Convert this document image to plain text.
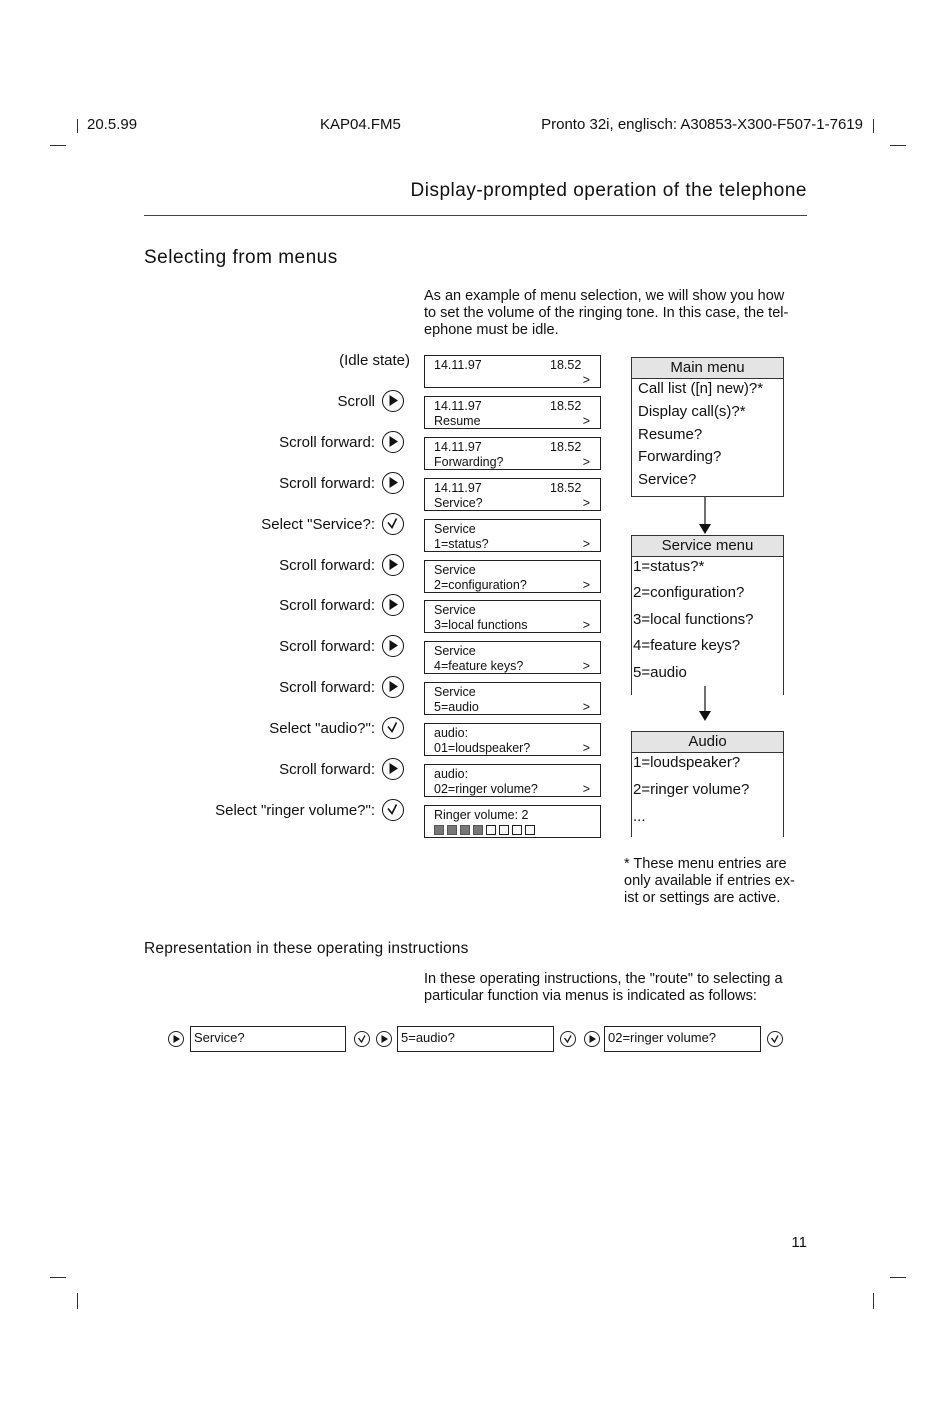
20.5.99	KAP04.FM5	Pronto 32i, englisch: A30853-X300-F507-1-7619
Display-prompted operation of the telephone
Selecting from menus
As an example of menu selection, we will show you how
to set the volume of the ringing tone. In this case, the tel-
ephone must be idle.
(Idle state) 14.11.97	18.52
>
Scroll	14.11.97	18.52
Resume	>
Scroll forward:	14.11.97	18.52
Forwarding?	>
Scroll forward:	14.11.97	18.52
Service?	>
Select "Service?:	Service
1=status?	>
Scroll forward:	Service
2=configuration?	>
Scroll forward:	Service
3=local functions	>
Scroll forward:	Service
4=feature keys?	>
Scroll forward:	Service
5=audio	>
Select "audio?":	audio:
01=loudspeaker?	>
Scroll forward:	audio:
02=ringer volume?	>
Select "ringer volume?":	Ringer volume: 2
Main menu
Call list ([n] new)?*
Display call(s)?*
Resume?
Forwarding?
Service?
Service menu
1=status?*
2=configuration?
3=local functions?
4=feature keys?
5=audio
Audio
1=loudspeaker?
2=ringer volume?
...
* These menu entries are
only available if entries ex-
ist or settings are active.
Representation in these operating instructions
In these operating instructions, the "route" to selecting a
particular function via menus is indicated as follows:
Service?	5=audio?	02=ringer volume?
11
